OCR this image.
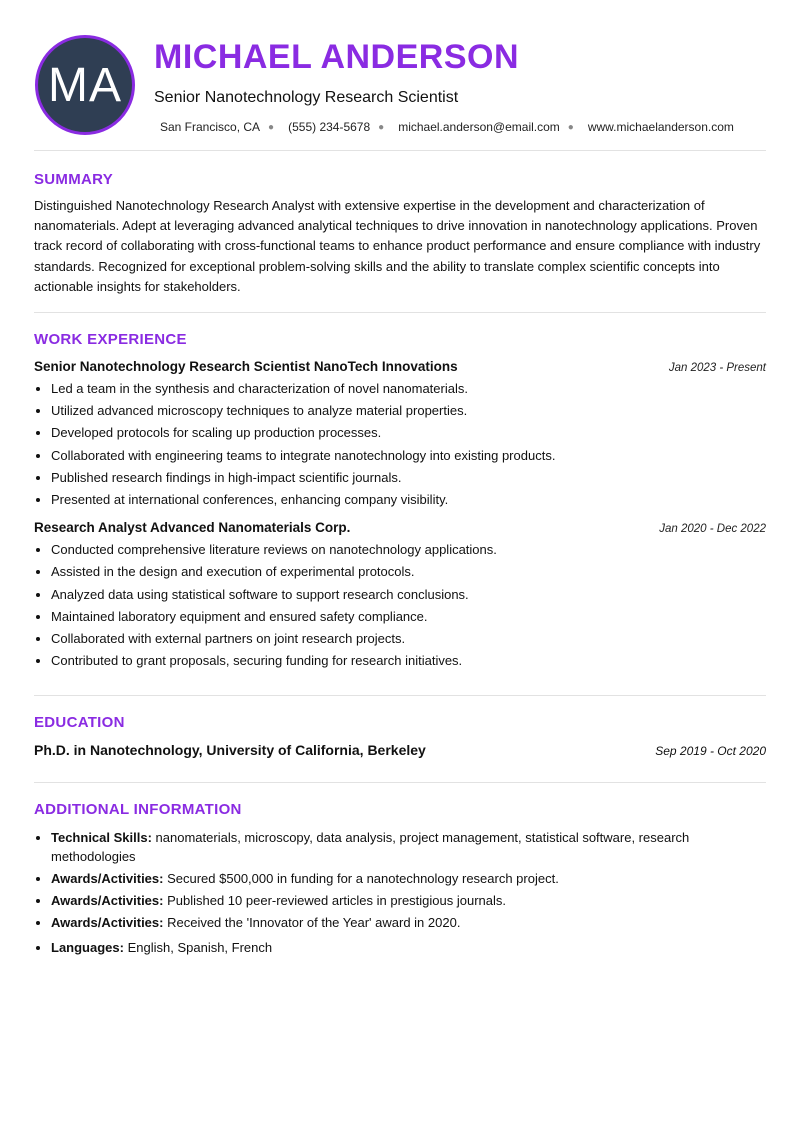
MA
MICHAEL ANDERSON
Senior Nanotechnology Research Scientist
San Francisco, CA ● (555) 234-5678 ● michael.anderson@email.com ● www.michaelanderson.com
SUMMARY

Distinguished Nanotechnology Research Analyst with extensive expertise in the development and characterization of nanomaterials. Adept at leveraging advanced analytical techniques to drive innovation in nanotechnology applications. Proven track record of collaborating with cross-functional teams to enhance product performance and ensure compliance with industry standards. Recognized for exceptional problem-solving skills and the ability to translate complex scientific concepts into actionable insights for stakeholders.

WORK EXPERIENCE
Senior Nanotechnology Research Scientist NanoTech Innovations	Jan 2023 - Present
• Led a team in the synthesis and characterization of novel nanomaterials.
• Utilized advanced microscopy techniques to analyze material properties.
• Developed protocols for scaling up production processes.
• Collaborated with engineering teams to integrate nanotechnology into existing products.
• Published research findings in high-impact scientific journals.
• Presented at international conferences, enhancing company visibility.
Research Analyst Advanced Nanomaterials Corp.	Jan 2020 - Dec 2022
• Conducted comprehensive literature reviews on nanotechnology applications.
• Assisted in the design and execution of experimental protocols.
• Analyzed data using statistical software to support research conclusions.
• Maintained laboratory equipment and ensured safety compliance.
• Collaborated with external partners on joint research projects.
• Contributed to grant proposals, securing funding for research initiatives.
EDUCATION
Ph.D. in Nanotechnology, University of California, Berkeley	Sep 2019 - Oct 2020
ADDITIONAL INFORMATION
• Technical Skills: nanomaterials, microscopy, data analysis, project management, statistical software, research methodologies
• Awards/Activities: Secured $500,000 in funding for a nanotechnology research project.
• Awards/Activities: Published 10 peer-reviewed articles in prestigious journals.
• Awards/Activities: Received the 'Innovator of the Year' award in 2020.
• Languages: English, Spanish, French
